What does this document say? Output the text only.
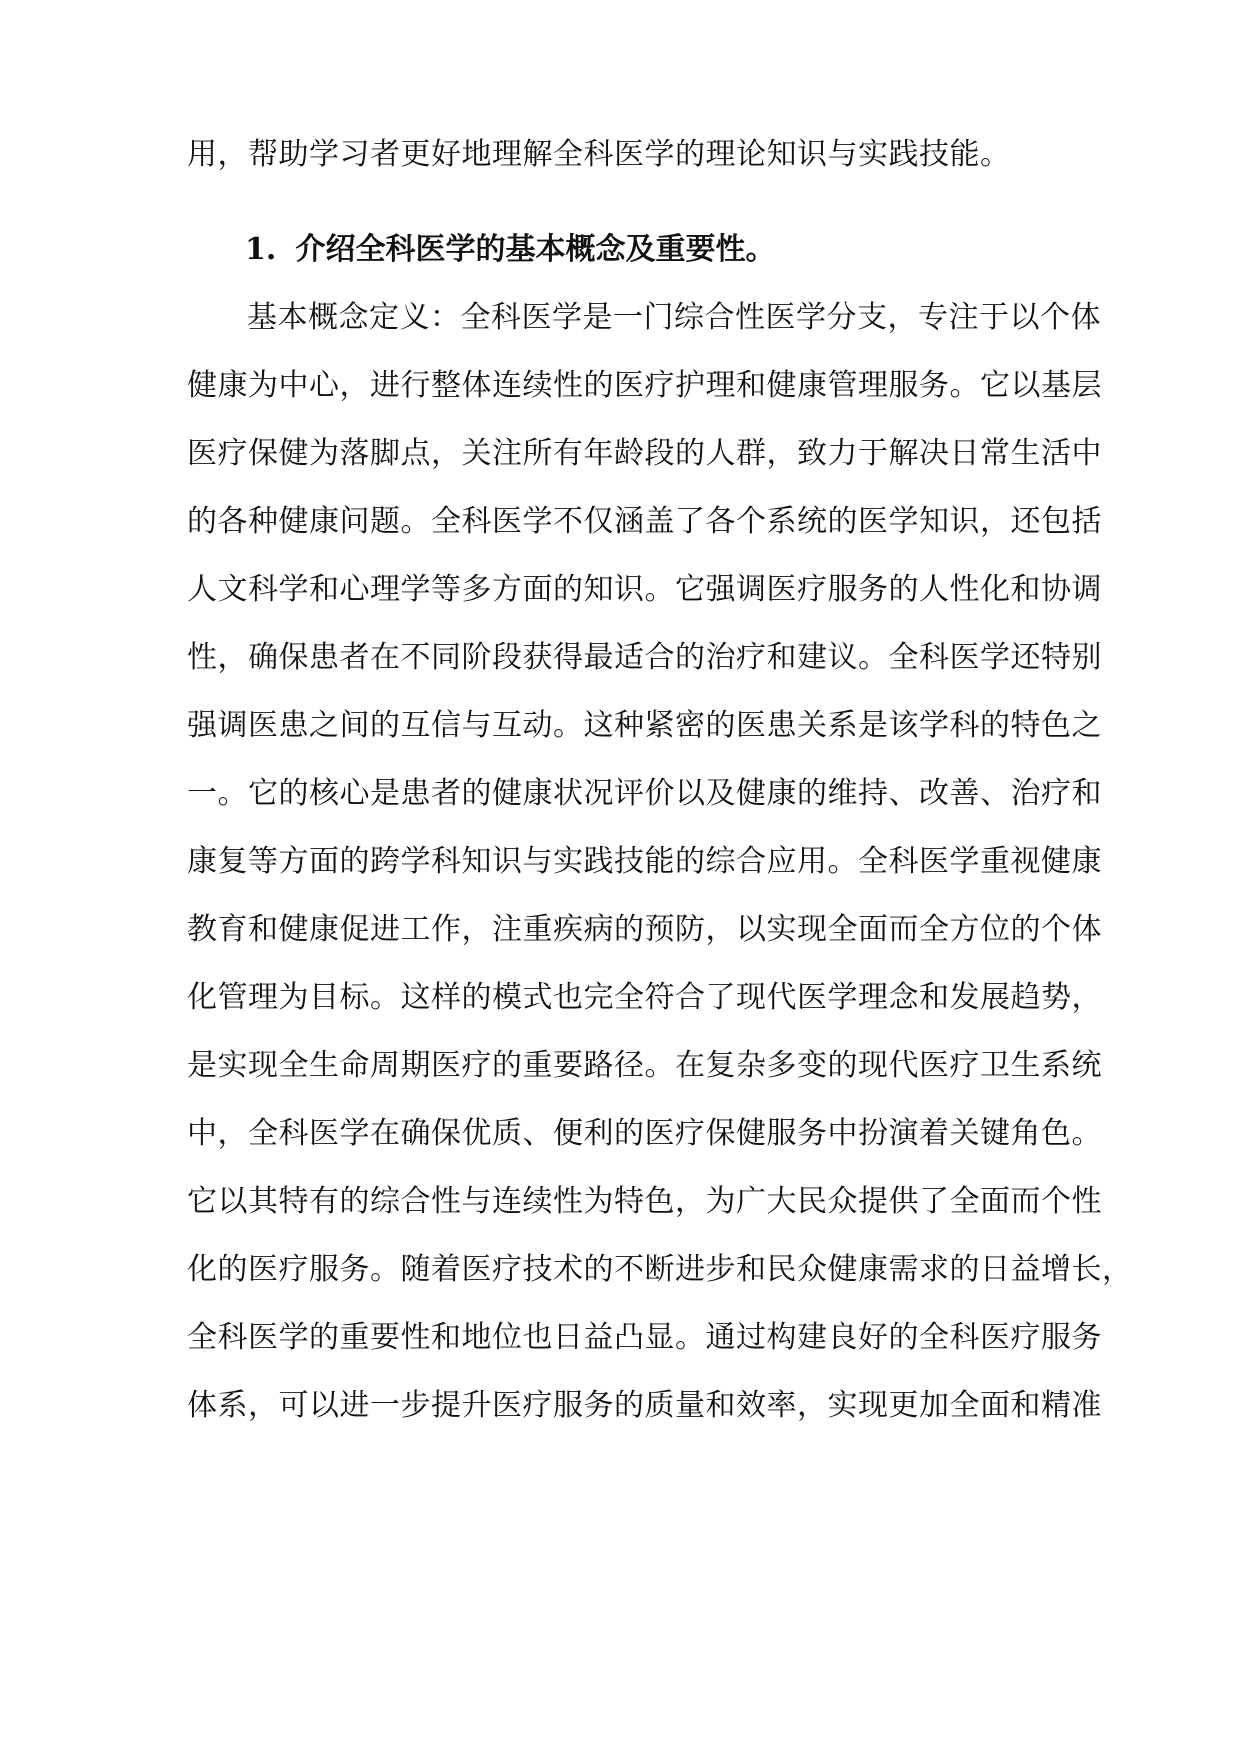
用，帮助学习者更好地理解全科医学的理论知识与实践技能。
1. 介绍全科医学的基本概念及重要性。
基本概念定义：全科医学是一门综合性医学分支，专注于以个体
健康为中心，进行整体连续性的医疗护理和健康管理服务。它以基层
医疗保健为落脚点，关注所有年龄段的人群，致力于解决日常生活中
的各种健康问题。全科医学不仅涵盖了各个系统的医学知识，还包括
人文科学和心理学等多方面的知识。它强调医疗服务的人性化和协调
性，确保患者在不同阶段获得最适合的治疗和建议。全科医学还特别
强调医患之间的互信与互动。这种紧密的医患关系是该学科的特色之
一。它的核心是患者的健康状况评价以及健康的维持、改善、治疗和
康复等方面的跨学科知识与实践技能的综合应用。全科医学重视健康
教育和健康促进工作，注重疾病的预防，以实现全面而全方位的个体
化管理为目标。这样的模式也完全符合了现代医学理念和发展趋势，
是实现全生命周期医疗的重要路径。在复杂多变的现代医疗卫生系统
中，全科医学在确保优质、便利的医疗保健服务中扮演着关键角色。
它以其特有的综合性与连续性为特色，为广大民众提供了全面而个性
化的医疗服务。随着医疗技术的不断进步和民众健康需求的日益增长，
全科医学的重要性和地位也日益凸显。通过构建良好的全科医疗服务
体系，可以进一步提升医疗服务的质量和效率，实现更加全面和精准
